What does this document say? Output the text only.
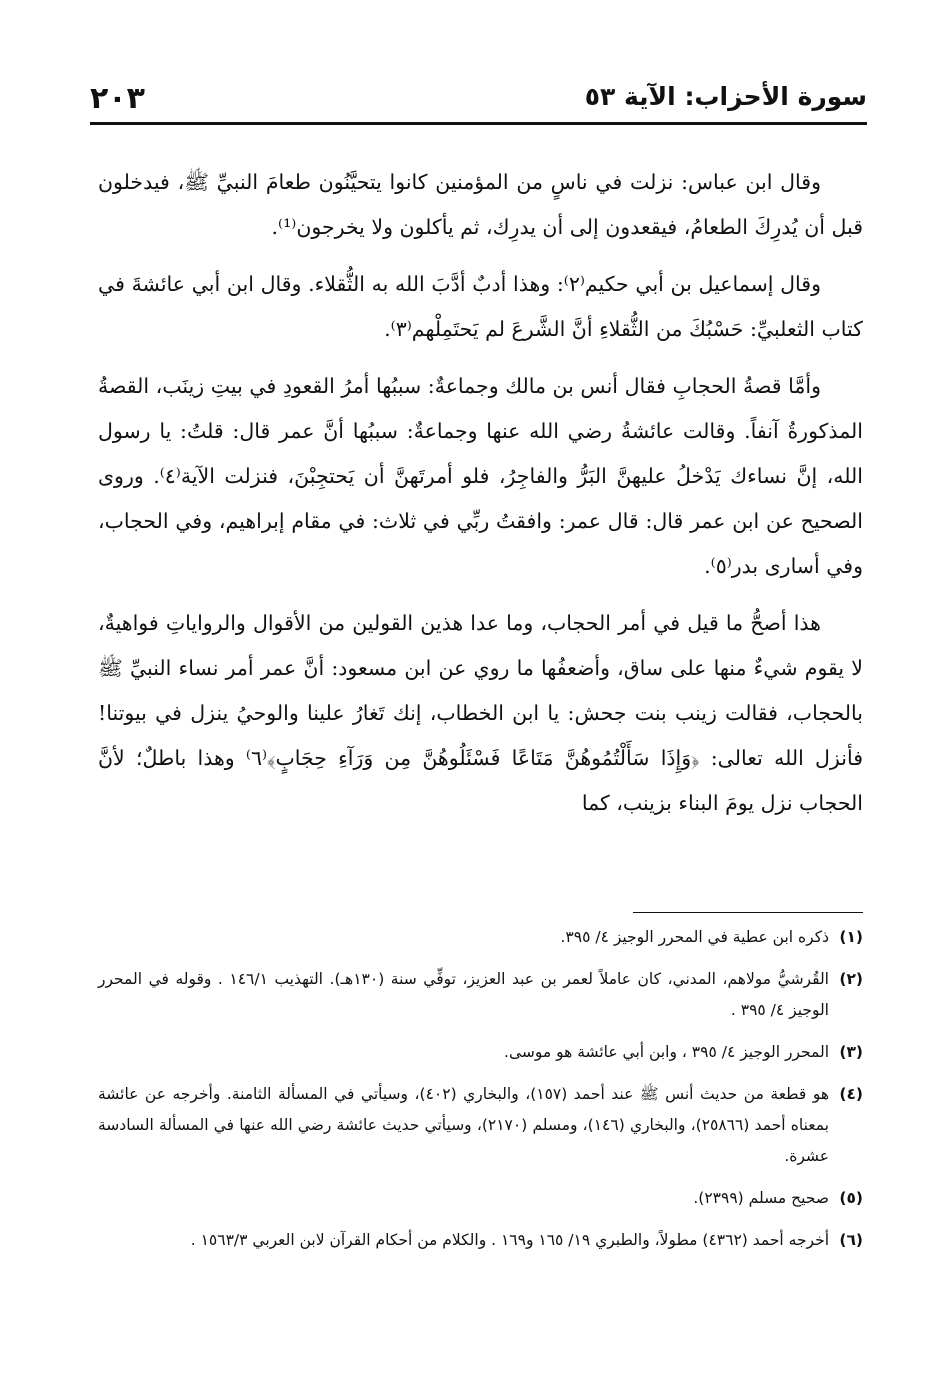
سورة الأحزاب: الآية ٥٣
٢٠٣

وقال ابن عباس: نزلت في ناسٍ من المؤمنين كانوا يتحيَّنُون طعامَ النبيِّ ﷺ، فيدخلون قبل أن يُدرِكَ الطعامُ، فيقعدون إلى أن يدرِك، ثم يأكلون ولا يخرجون⁽¹⁾.

وقال إسماعيل بن أبي حكيم⁽٢⁾: وهذا أدبٌ أدَّبَ الله به الثُّقلاء. وقال ابن أبي عائشةَ في كتاب الثعلبيِّ: حَسْبُكَ من الثُّقلاءِ أنَّ الشَّرعَ لم يَحتَمِلْهم⁽٣⁾.

وأمَّا قصةُ الحجابِ فقال أنس بن مالك وجماعةٌ: سببُها أمرُ القعودِ في بيتِ زينَب، القصةُ المذكورةُ آنفاً. وقالت عائشةُ رضي الله عنها وجماعةٌ: سببُها أنَّ عمر قال: قلتُ: يا رسول الله، إنَّ نساءك يَدْخلُ عليهنَّ البَرُّ والفاجِرُ، فلو أمرتَهنَّ أن يَحتجِبْنَ، فنزلت الآية⁽٤⁾. وروى الصحيح عن ابن عمر قال: قال عمر: وافقتُ ربِّي في ثلاث: في مقام إبراهيم، وفي الحجاب، وفي أسارى بدر⁽٥⁾.

هذا أصحُّ ما قيل في أمر الحجاب، وما عدا هذين القولين من الأقوال والرواياتِ فواهيةٌ، لا يقوم شيءٌ منها على ساق، وأضعفُها ما روي عن ابن مسعود: أنَّ عمر أمر نساء النبيِّ ﷺ بالحجاب، فقالت زينب بنت جحش: يا ابن الخطاب، إنك تَغارُ علينا والوحيُ ينزل في بيوتنا! فأنزل الله تعالى: ﴿وَإِذَا سَأَلْتُمُوهُنَّ مَتَاعًا فَسْئَلُوهُنَّ مِن وَرَآءِ حِجَابٍ﴾⁽٦⁾ وهذا باطلٌ؛ لأنَّ الحجاب نزل يومَ البناء بزينب، كما

(١)
ذكره ابن عطية في المحرر الوجيز ٤/ ٣٩٥.
(٢)
القُرشيُّ مولاهم، المدني، كان عاملاً لعمر بن عبد العزيز، توفِّي سنة (١٣٠هـ). التهذيب ١٤٦/١ . وقوله في المحرر الوجيز ٤/ ٣٩٥ .
(٣)
المحرر الوجيز ٤/ ٣٩٥ ، وابن أبي عائشة هو موسى.
(٤)
هو قطعة من حديث أنس ﷺ عند أحمد (١٥٧)، والبخاري (٤٠٢)، وسيأتي في المسألة الثامنة. وأخرجه عن عائشة بمعناه أحمد (٢٥٨٦٦)، والبخاري (١٤٦)، ومسلم (٢١٧٠)، وسيأتي حديث عائشة رضي الله عنها في المسألة السادسة عشرة.
(٥)
صحيح مسلم (٢٣٩٩).
(٦)
أخرجه أحمد (٤٣٦٢) مطولاً، والطبري ١٩/ ١٦٥ و١٦٩ . والكلام من أحكام القرآن لابن العربي ١٥٦٣/٣ .
